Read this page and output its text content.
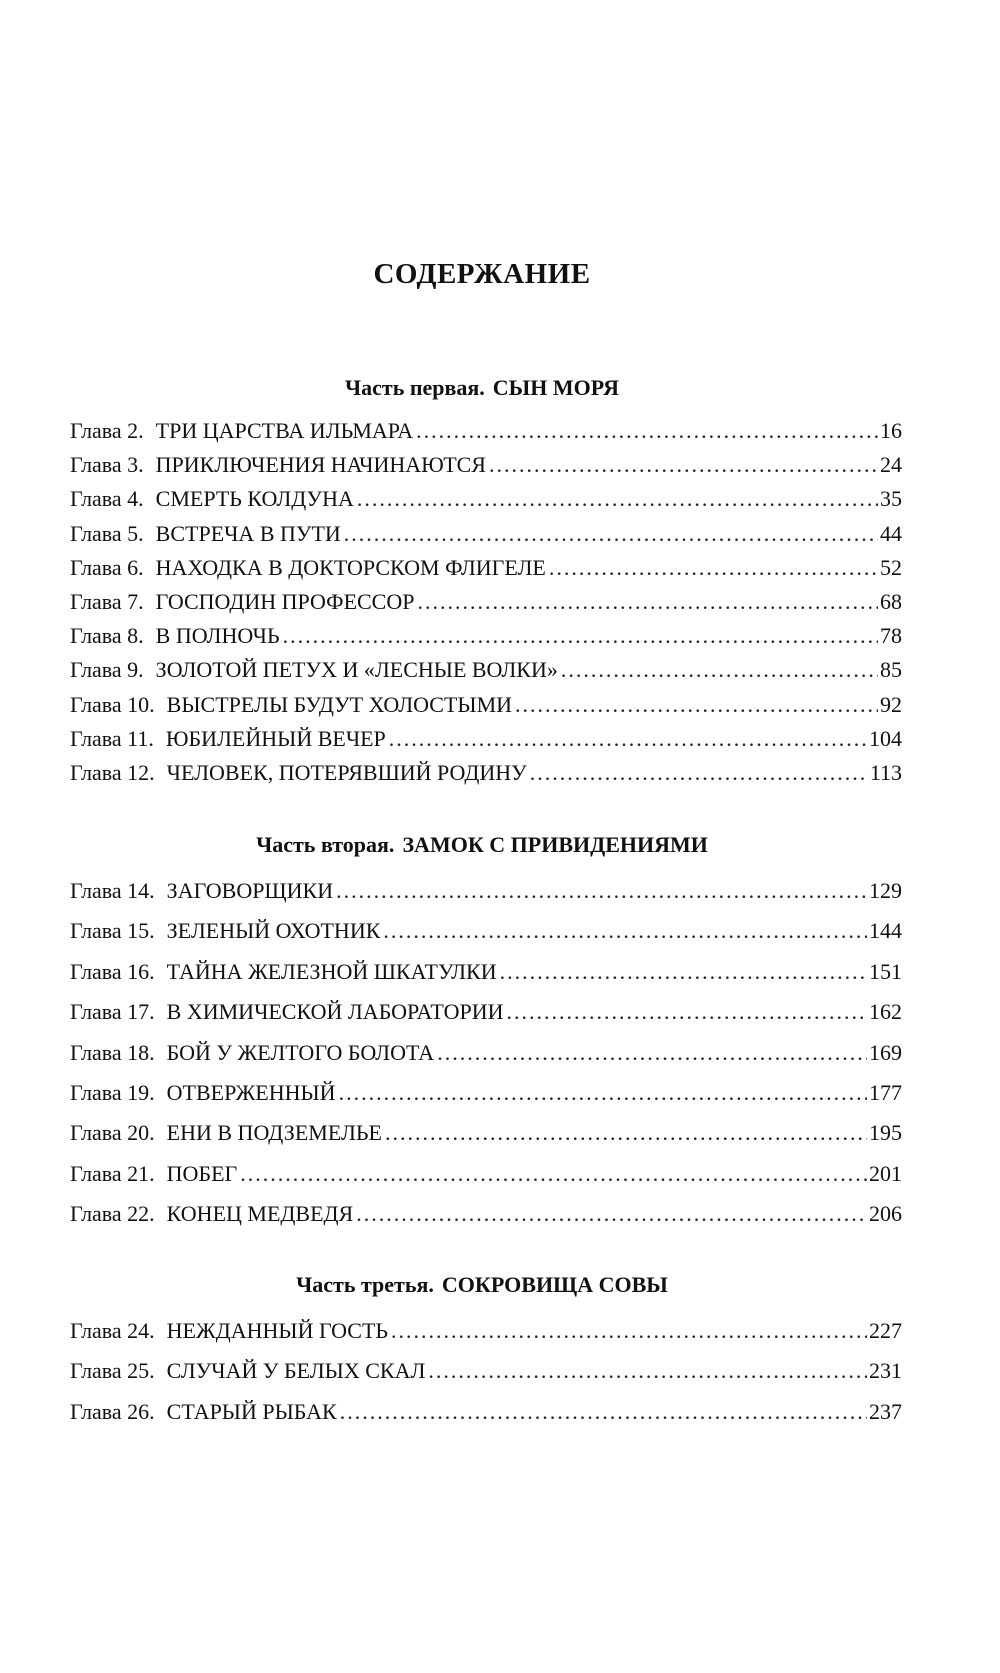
СОДЕРЖАНИЕ
Часть первая. СЫН МОРЯ
Глава 2. ТРИ ЦАРСТВА ИЛЬМАРА .....	16
Глава 3. ПРИКЛЮЧЕНИЯ НАЧИНАЮТСЯ .....	24
Глава 4. СМЕРТЬ КОЛДУНА .....	35
Глава 5. ВСТРЕЧА В ПУТИ .....	44
Глава 6. НАХОДКА В ДОКТОРСКОМ ФЛИГЕЛЕ .....	52
Глава 7. ГОСПОДИН ПРОФЕССОР .....	68
Глава 8. В ПОЛНОЧЬ .....	78
Глава 9. ЗОЛОТОЙ ПЕТУХ И «ЛЕСНЫЕ ВОЛКИ» .....	85
Глава 10. ВЫСТРЕЛЫ БУДУТ ХОЛОСТЫМИ .....	92
Глава 11. ЮБИЛЕЙНЫЙ ВЕЧЕР .....	104
Глава 12. ЧЕЛОВЕК, ПОТЕРЯВШИЙ РОДИНУ .....	113
Часть вторая. ЗАМОК С ПРИВИДЕНИЯМИ
Глава 14. ЗАГОВОРЩИКИ .....	129
Глава 15. ЗЕЛЕНЫЙ ОХОТНИК .....	144
Глава 16. ТАЙНА ЖЕЛЕЗНОЙ ШКАТУЛКИ .....	151
Глава 17. В ХИМИЧЕСКОЙ ЛАБОРАТОРИИ .....	162
Глава 18. БОЙ У ЖЕЛТОГО БОЛОТА .....	169
Глава 19. ОТВЕРЖЕННЫЙ .....	177
Глава 20. ЕНИ В ПОДЗЕМЕЛЬЕ .....	195
Глава 21. ПОБЕГ .....	201
Глава 22. КОНЕЦ МЕДВЕДЯ .....	206
Часть третья. СОКРОВИЩА СОВЫ
Глава 24. НЕЖДАННЫЙ ГОСТЬ .....	227
Глава 25. СЛУЧАЙ У БЕЛЫХ СКАЛ .....	231
Глава 26. СТАРЫЙ РЫБАК .....	237
